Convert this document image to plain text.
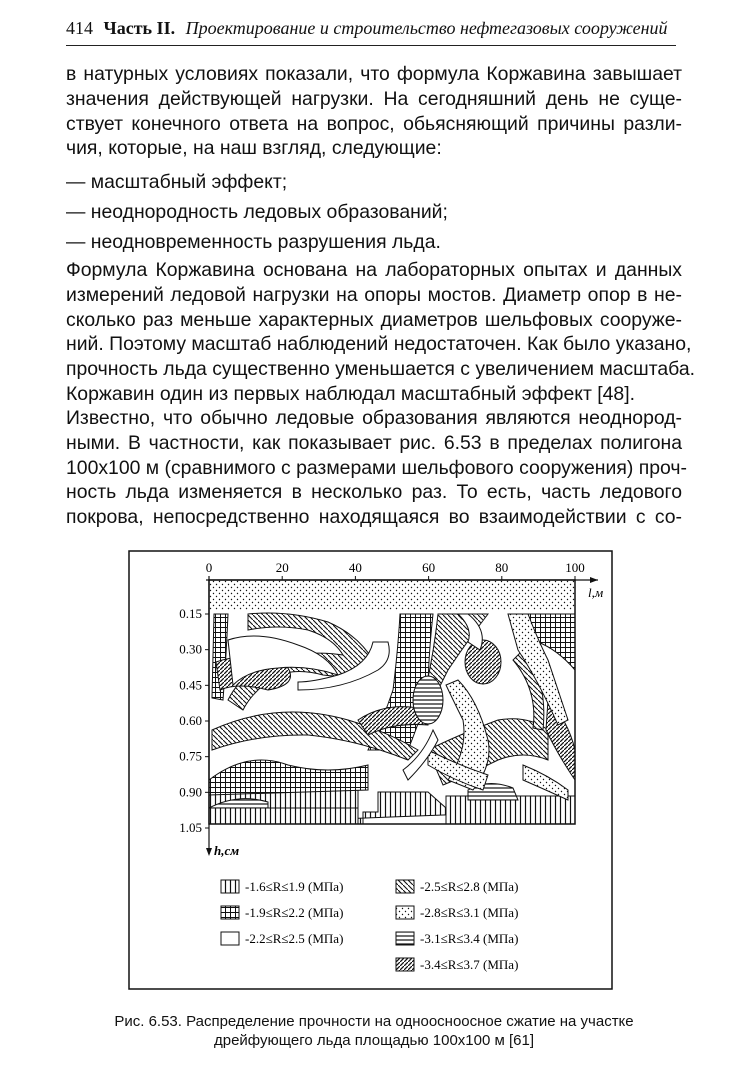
414 Часть II. Проектирование и строительство нефтегазовых сооружений
в натурных условиях показали, что формула Коржавина завышает
значения действующей нагрузки. На сегодняшний день не суще-
ствует конечного ответа на вопрос, обьясняющий причины разли-
чия, которые, на наш взгляд, следующие:
— масштабный эффект;
— неоднородность ледовых образований;
— неодновременность разрушения льда.
Формула Коржавина основана на лабораторных опытах и данных
измерений ледовой нагрузки на опоры мостов. Диаметр опор в не-
сколько раз меньше характерных диаметров шельфовых сооруже-
ний. Поэтому масштаб наблюдений недостаточен. Как было указано,
прочность льда существенно уменьшается с увеличением масштаба.
Коржавин один из первых наблюдал масштабный эффект [48].
Известно, что обычно ледовые образования являются неоднород-
ными. В частности, как показывает рис. 6.53 в пределах полигона
100x100 м (сравнимого с размерами шельфового сооружения) проч-
ность льда изменяется в несколько раз. То есть, часть ледового
покрова, непосредственно находящаяся во взаимодействии с со-
0	20	40	60	80	100
0.15
0.30
0.45
0.60
0.75
0.90
1.05
l,м
h,см
-1.6≤R≤1.9 (МПа)
-1.9≤R≤2.2 (МПа)
-2.2≤R≤2.5 (МПа)
-2.5≤R≤2.8 (МПа)
-2.8≤R≤3.1 (МПа)
-3.1≤R≤3.4 (МПа)
-3.4≤R≤3.7 (МПа)
Рис. 6.53. Распределение прочности на одноосноосное сжатие на участке
дрейфующего льда площадью 100x100 м [61]
